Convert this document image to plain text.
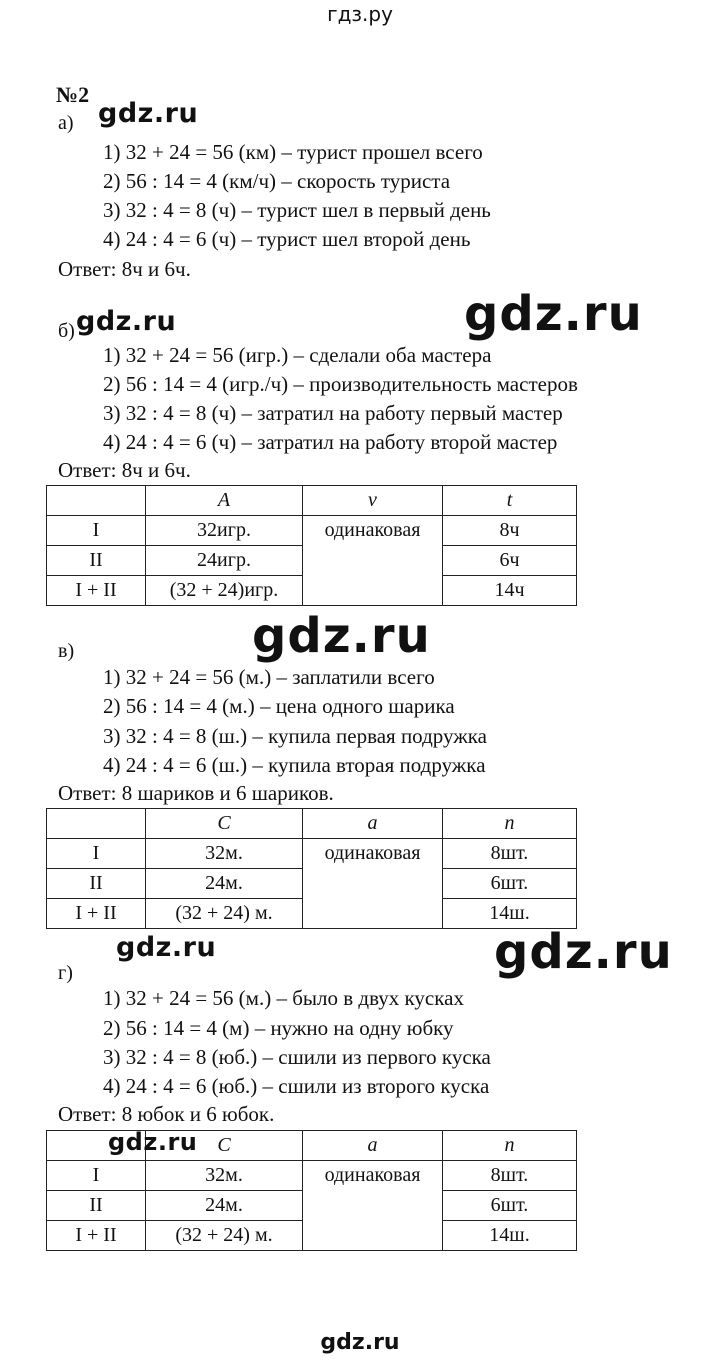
гдз.ру
№2
а) gdz.ru
1) 32 + 24 = 56 (км) – турист прошел всего
2) 56 : 14 = 4 (км/ч) – скорость туриста
3) 32 : 4 = 8 (ч) – турист шел в первый день
4) 24 : 4 = 6 (ч) – турист шел второй день
Ответ: 8ч и 6ч.
б) gdz.ru	gdz.ru
1) 32 + 24 = 56 (игр.) – сделали оба мастера
2) 56 : 14 = 4 (игр./ч) – производительность мастеров
3) 32 : 4 = 8 (ч) – затратил на работу первый мастер
4) 24 : 4 = 6 (ч) – затратил на работу второй мастер
Ответ: 8ч и 6ч.
	A	v	t
I	32игр.	одинаковая	8ч
II	24игр.		6ч
I + II	(32 + 24)игр.		14ч
gdz.ru
в)
1) 32 + 24 = 56 (м.) – заплатили всего
2) 56 : 14 = 4 (м.) – цена одного шарика
3) 32 : 4 = 8 (ш.) – купила первая подружка
4) 24 : 4 = 6 (ш.) – купила вторая подружка
Ответ: 8 шариков и 6 шариков.
	C	a	n
I	32м.	одинаковая	8шт.
II	24м.		6шт.
I + II	(32 + 24) м.		14ш.
gdz.ru	gdz.ru
г)
1) 32 + 24 = 56 (м.) – было в двух кусках
2) 56 : 14 = 4 (м) – нужно на одну юбку
3) 32 : 4 = 8 (юб.) – сшили из первого куска
4) 24 : 4 = 6 (юб.) – сшили из второго куска
Ответ: 8 юбок и 6 юбок.
	C	a	n
I	32м.	одинаковая	8шт.
II	24м.		6шт.
I + II	(32 + 24) м.		14ш.
gdz.ru
gdz.ru
